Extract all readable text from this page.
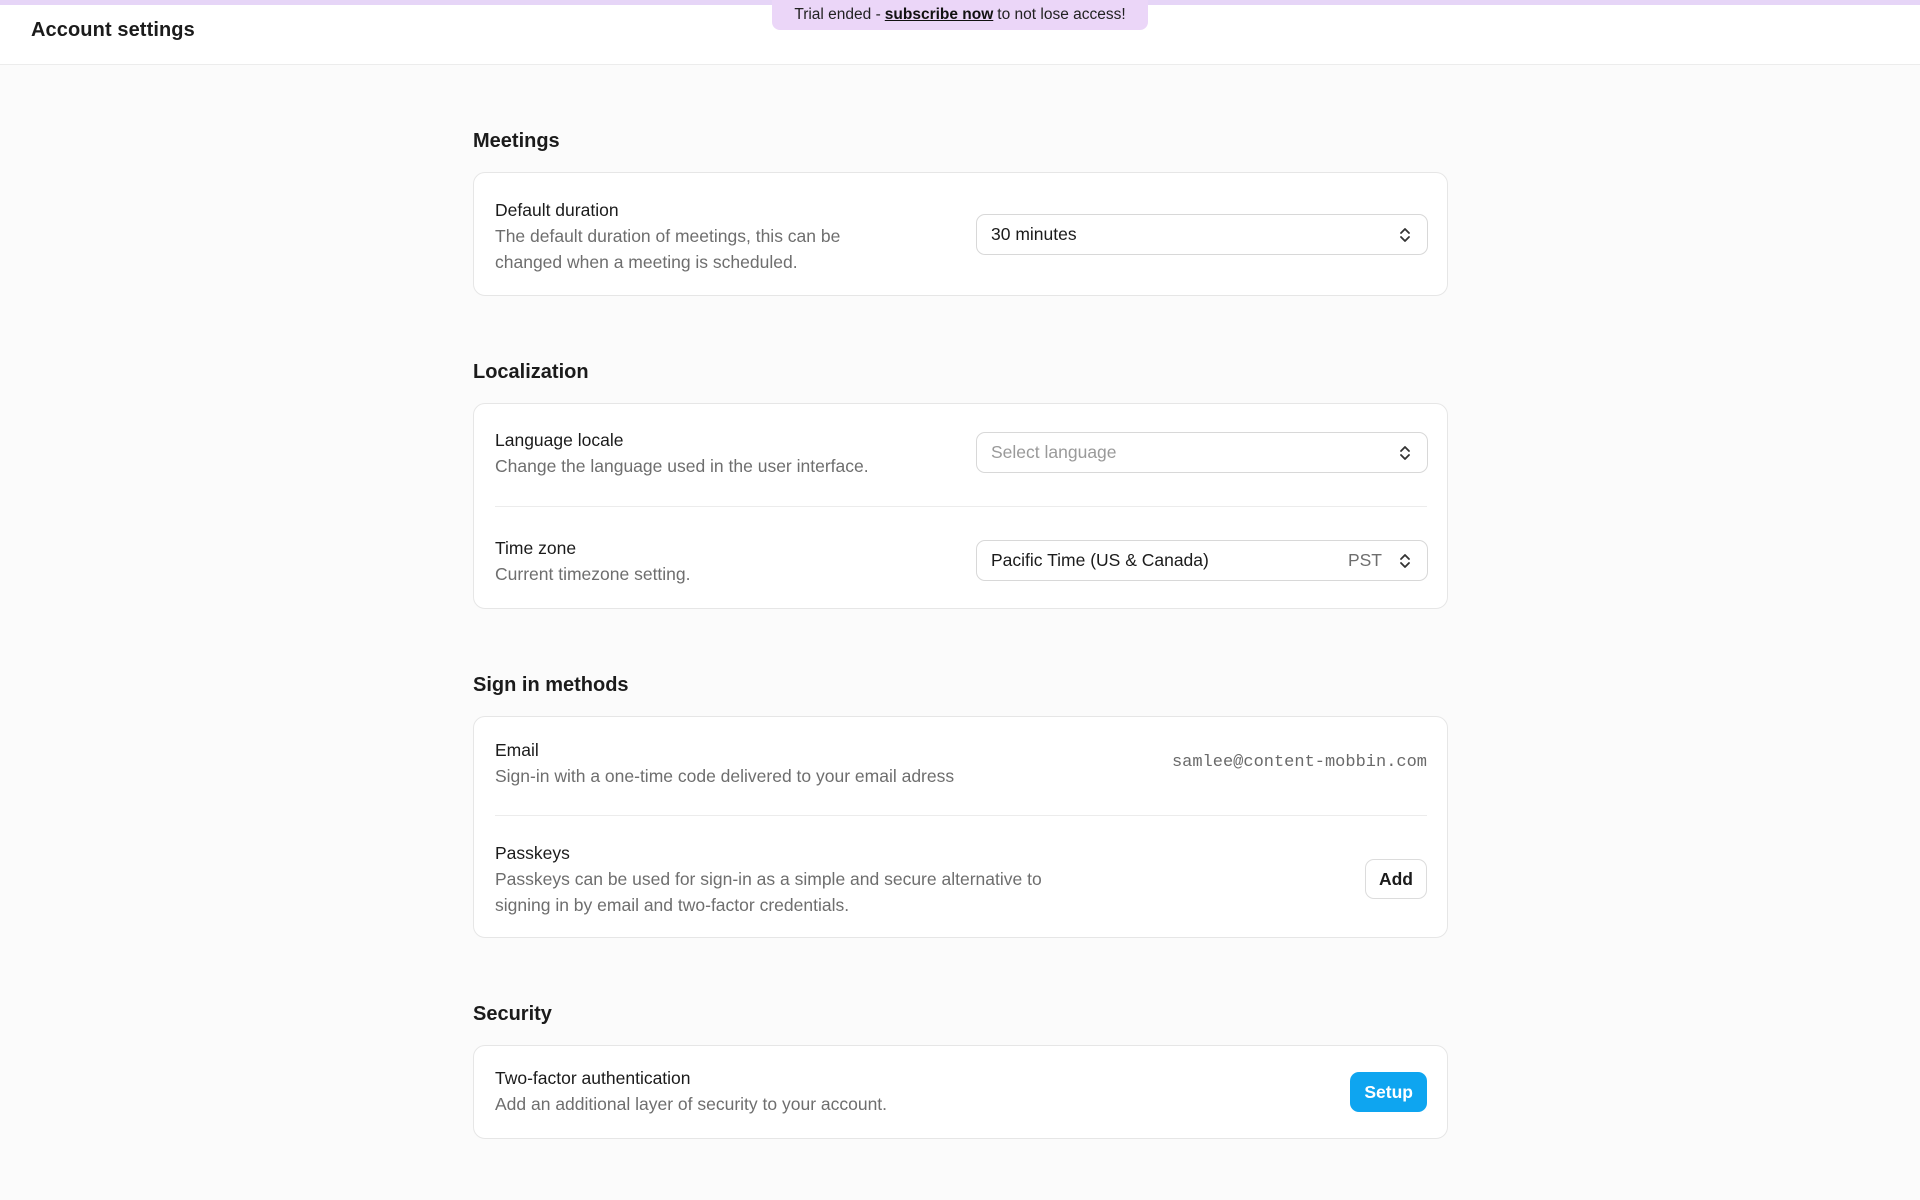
Account settings
Trial ended - subscribe now to not lose access!
Meetings
Default duration
The default duration of meetings, this can be
changed when a meeting is scheduled.
30 minutes
Localization
Language locale
Change the language used in the user interface.
Select language
Time zone
Current timezone setting.
Pacific Time (US & Canada)	PST
Sign in methods
Email
Sign-in with a one-time code delivered to your email adress
samlee@content-mobbin.com
Passkeys
Passkeys can be used for sign-in as a simple and secure alternative to
signing in by email and two-factor credentials.
Add
Security
Two-factor authentication
Add an additional layer of security to your account.
Setup
